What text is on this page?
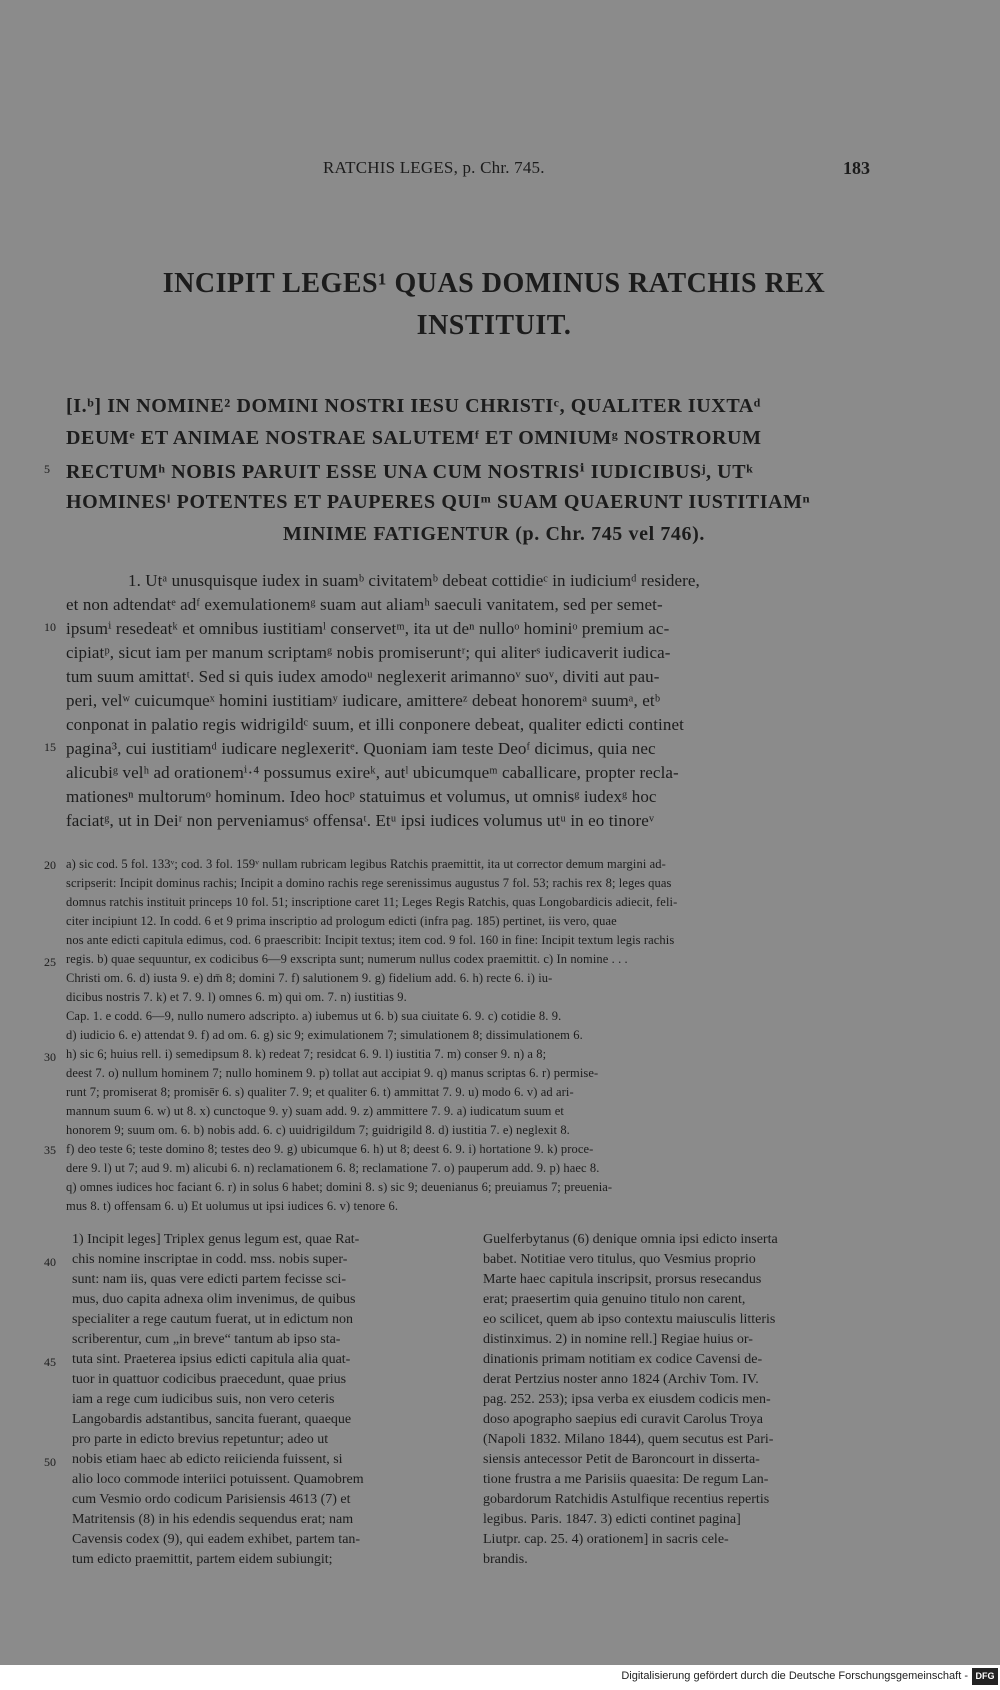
RATCHIS LEGES, p. Chr. 745.	183
INCIPIT LEGES¹ QUAS DOMINUS RATCHIS REX
INSTITUIT.
[I.ᵇ] IN NOMINE² DOMINI NOSTRI IESU CHRISTIᶜ, QUALITER IUXTAᵈ
DEUMᵉ ET ANIMAE NOSTRAE SALUTEMᶠ ET OMNIUMᵍ NOSTRORUM
RECTUMʰ NOBIS PARUIT ESSE UNA CUM NOSTRISⁱ IUDICIBUSʲ, UTᵏ
HOMINESˡ POTENTES ET PAUPERES QUIᵐ SUAM QUAERUNT IUSTITIAMⁿ
MINIME FATIGENTUR (p. Chr. 745 vel 746).
5
1. Utᵃ unusquisque iudex in suamᵇ civitatemᵇ debeat cottidieᶜ in iudiciumᵈ residere,
et non adtendatᵉ adᶠ exemulationemᵍ suam aut aliamʰ saeculi vanitatem, sed per semet-
ipsumⁱ resedeatᵏ et omnibus iustitiamˡ conservetᵐ, ita ut deⁿ nulloᵒ hominiᵒ premium ac-
cipiatᵖ, sicut iam per manum scriptamᵍ nobis promiseruntʳ; qui aliterˢ iudicaverit iudica-
tum suum amittatᵗ. Sed si quis iudex amodoᵘ neglexerit arimannoᵛ suoᵛ, diviti aut pau-
peri, velʷ cuicumqueˣ homini iustitiamʸ iudicare, amittereᶻ debeat honoremᵃ suumᵃ, etᵇ
conponat in palatio regis widrigildᶜ suum, et illi conponere debeat, qualiter edicti continet
pagina³, cui iustitiamᵈ iudicare neglexeritᵉ. Quoniam iam teste Deoᶠ dicimus, quia nec
alicubiᵍ velʰ ad orationemⁱ·⁴ possumus exireᵏ, autˡ ubicumqueᵐ caballicare, propter recla-
mationesⁿ multorumᵒ hominum. Ideo hocᵖ statuimus et volumus, ut omnisᵍ iudexᵍ hoc
faciatᵍ, ut in Deiʳ non perveniamusˢ offensaᵗ. Etᵘ ipsi iudices volumus utᵘ in eo tinoreᵛ
10
15
a) sic cod. 5 fol. 133ᵛ; cod. 3 fol. 159ᵛ nullam rubricam legibus Ratchis praemittit, ita ut corrector demum margini ad-
scripserit: Incipit dominus rachis; Incipit a domino rachis rege serenissimus augustus 7 fol. 53; rachis rex 8; leges quas
domnus ratchis instituit princeps 10 fol. 51; inscriptione caret 11; Leges Regis Ratchis, quas Longobardicis adiecit, feli-
citer incipiunt 12. In codd. 6 et 9 prima inscriptio ad prologum edicti (infra pag. 185) pertinet, iis vero, quae
nos ante edicti capitula edimus, cod. 6 praescribit: Incipit textus; item cod. 9 fol. 160 in fine: Incipit textum legis rachis
regis. b) quae sequuntur, ex codicibus 6—9 exscripta sunt; numerum nullus codex praemittit. c) In nomine . . .
Christi om. 6. d) iusta 9. e) dm̄ 8; domini 7. f) salutionem 9. g) fidelium add. 6. h) recte 6. i) iu-
dicibus nostris 7. k) et 7. 9. l) omnes 6. m) qui om. 7. n) iustitias 9.
Cap. 1. e codd. 6—9, nullo numero adscripto. a) iubemus ut 6. b) sua ciuitate 6. 9. c) cotidie 8. 9.
d) iudicio 6. e) attendat 9. f) ad om. 6. g) sic 9; eximulationem 7; simulationem 8; dissimulationem 6.
h) sic 6; huius rell. i) semedipsum 8. k) redeat 7; residcat 6. 9. l) iustitia 7. m) conser 9. n) a 8;
deest 7. o) nullum hominem 7; nullo hominem 9. p) tollat aut accipiat 9. q) manus scriptas 6. r) permise-
runt 7; promiserat 8; promisēr 6. s) qualiter 7. 9; et qualiter 6. t) ammittat 7. 9. u) modo 6. v) ad ari-
mannum suum 6. w) ut 8. x) cunctoque 9. y) suam add. 9. z) ammittere 7. 9. a) iudicatum suum et
honorem 9; suum om. 6. b) nobis add. 6. c) uuidrigildum 7; guidrigild 8. d) iustitia 7. e) neglexit 8.
f) deo teste 6; teste domino 8; testes deo 9. g) ubicumque 6. h) ut 8; deest 6. 9. i) hortatione 9. k) proce-
dere 9. l) ut 7; aud 9. m) alicubi 6. n) reclamationem 6. 8; reclamatione 7. o) pauperum add. 9. p) haec 8.
q) omnes iudices hoc faciant 6. r) in solus 6 habet; domini 8. s) sic 9; deuenianus 6; preuiamus 7; preuenia-
mus 8. t) offensam 6. u) Et uolumus ut ipsi iudices 6. v) tenore 6.
20
25
30
35
40
45
50
1) Incipit leges] Triplex genus legum est, quae Rat-
chis nomine inscriptae in codd. mss. nobis super-
sunt: nam iis, quas vere edicti partem fecisse sci-
mus, duo capita adnexa olim invenimus, de quibus
specialiter a rege cautum fuerat, ut in edictum non
scriberentur, cum „in breve“ tantum ab ipso sta-
tuta sint. Praeterea ipsius edicti capitula alia quat-
tuor in quattuor codicibus praecedunt, quae prius
iam a rege cum iudicibus suis, non vero ceteris
Langobardis adstantibus, sancita fuerant, quaeque
pro parte in edicto brevius repetuntur; adeo ut
nobis etiam haec ab edicto reiicienda fuissent, si
alio loco commode interiici potuissent. Quamobrem
cum Vesmio ordo codicum Parisiensis 4613 (7) et
Matritensis (8) in his edendis sequendus erat; nam
Cavensis codex (9), qui eadem exhibet, partem tan-
tum edicto praemittit, partem eidem subiungit;
Guelferbytanus (6) denique omnia ipsi edicto inserta
babet. Notitiae vero titulus, quo Vesmius proprio
Marte haec capitula inscripsit, prorsus resecandus
erat; praesertim quia genuino titulo non carent,
eo scilicet, quem ab ipso contextu maiusculis litteris
distinximus. 2) in nomine rell.] Regiae huius or-
dinationis primam notitiam ex codice Cavensi de-
derat Pertzius noster anno 1824 (Archiv Tom. IV.
pag. 252. 253); ipsa verba ex eiusdem codicis men-
doso apographo saepius edi curavit Carolus Troya
(Napoli 1832. Milano 1844), quem secutus est Pari-
siensis antecessor Petit de Baroncourt in disserta-
tione frustra a me Parisiis quaesita: De regum Lan-
gobardorum Ratchidis Astulfique recentius repertis
legibus. Paris. 1847. 3) edicti continet pagina]
Liutpr. cap. 25. 4) orationem] in sacris cele-
brandis.
Digitalisierung gefördert durch die Deutsche Forschungsgemeinschaft - DFG
